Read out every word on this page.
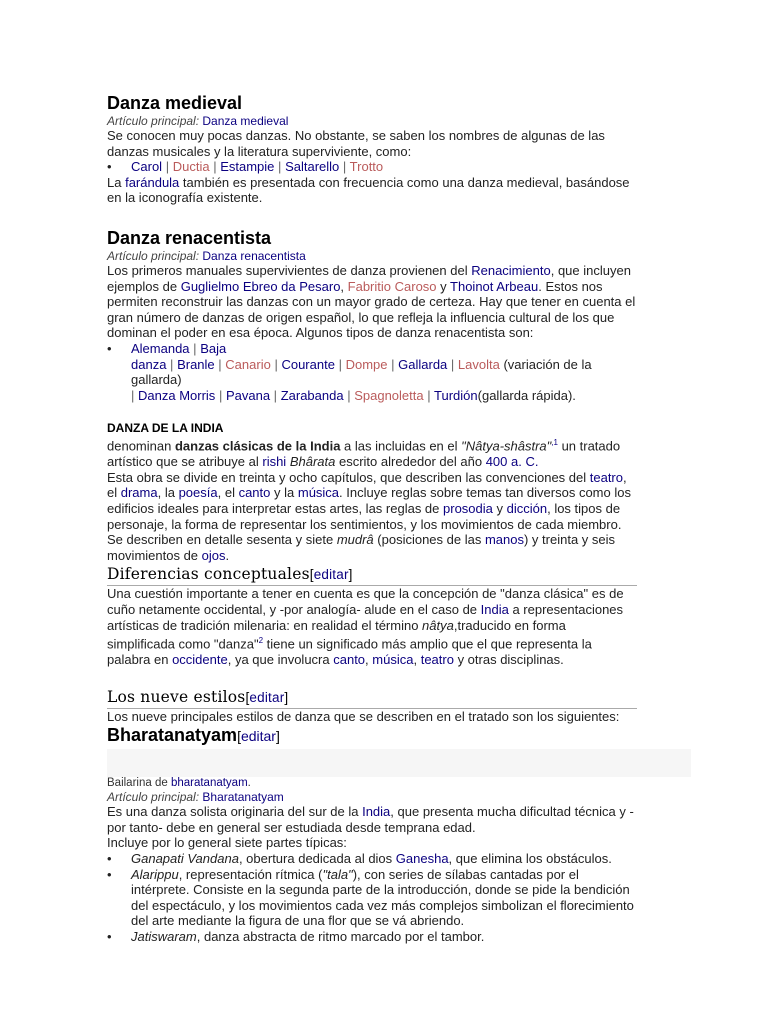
Danza medieval
Artículo principal: Danza medieval

Se conocen muy pocas danzas. No obstante, se saben los nombres de algunas de las danzas musicales y la literatura superviviente, como:

• Carol | Ductia | Estampie | Saltarello | Trotto

La farándula también es presentada con frecuencia como una danza medieval, basándose en la iconografía existente.

Danza renacentista
Artículo principal: Danza renacentista

Los primeros manuales supervivientes de danza provienen del Renacimiento, que incluyen ejemplos de Guglielmo Ebreo da Pesaro, Fabritio Caroso y Thoinot Arbeau. Estos nos permiten reconstruir las danzas con un mayor grado de certeza. Hay que tener en cuenta el gran número de danzas de origen español, lo que refleja la influencia cultural de los que dominan el poder en esa época. Algunos tipos de danza renacentista son:

• Alemanda | Baja
danza | Branle | Canario | Courante | Dompe | Gallarda | Lavolta (variación de la gallarda)
| Danza Morris | Pavana | Zarabanda | Spagnoletta | Turdión(gallarda rápida).
DANZA DE LA INDIA

denominan danzas clásicas de la India a las incluidas en el "Nâtya-shâstra"$^{,1}$ un tratado artístico que se atribuye al rishi Bhârata escrito alrededor del año 400 a. C.
Esta obra se divide en treinta y ocho capítulos, que describen las convenciones del teatro, el drama, la poesía, el canto y la música. Incluye reglas sobre temas tan diversos como los edificios ideales para interpretar estas artes, las reglas de prosodia y dicción, los tipos de personaje, la forma de representar los sentimientos, y los movimientos de cada miembro. Se describen en detalle sesenta y siete mudrâ (posiciones de las manos) y treinta y seis movimientos de ojos.

Diferencias conceptuales[editar]

Una cuestión importante a tener en cuenta es que la concepción de "danza clásica" es de cuño netamente occidental, y -por analogía- alude en el caso de India a representaciones artísticas de tradición milenaria: en realidad el término nâtya,traducido en forma simplificada como "danza"$^2$ tiene un significado más amplio que el que representa la palabra en occidente, ya que involucra canto, música, teatro y otras disciplinas.

Los nueve estilos[editar]

Los nueve principales estilos de danza que se describen en el tratado son los siguientes:

Bharatanatyam[editar]
Bailarina de bharatanatyam.
Artículo principal: Bharatanatyam

Es una danza solista originaria del sur de la India, que presenta mucha dificultad técnica y -por tanto- debe en general ser estudiada desde temprana edad.

Incluye por lo general siete partes típicas:

• Ganapati Vandana, obertura dedicada al dios Ganesha, que elimina los obstáculos.
• Alarippu, representación rítmica ("tala"), con series de sílabas cantadas por el intérprete. Consiste en la segunda parte de la introducción, donde se pide la bendición del espectáculo, y los movimientos cada vez más complejos simbolizan el florecimiento del arte mediante la figura de una flor que se vá abriendo.
• Jatiswaram, danza abstracta de ritmo marcado por el tambor.
